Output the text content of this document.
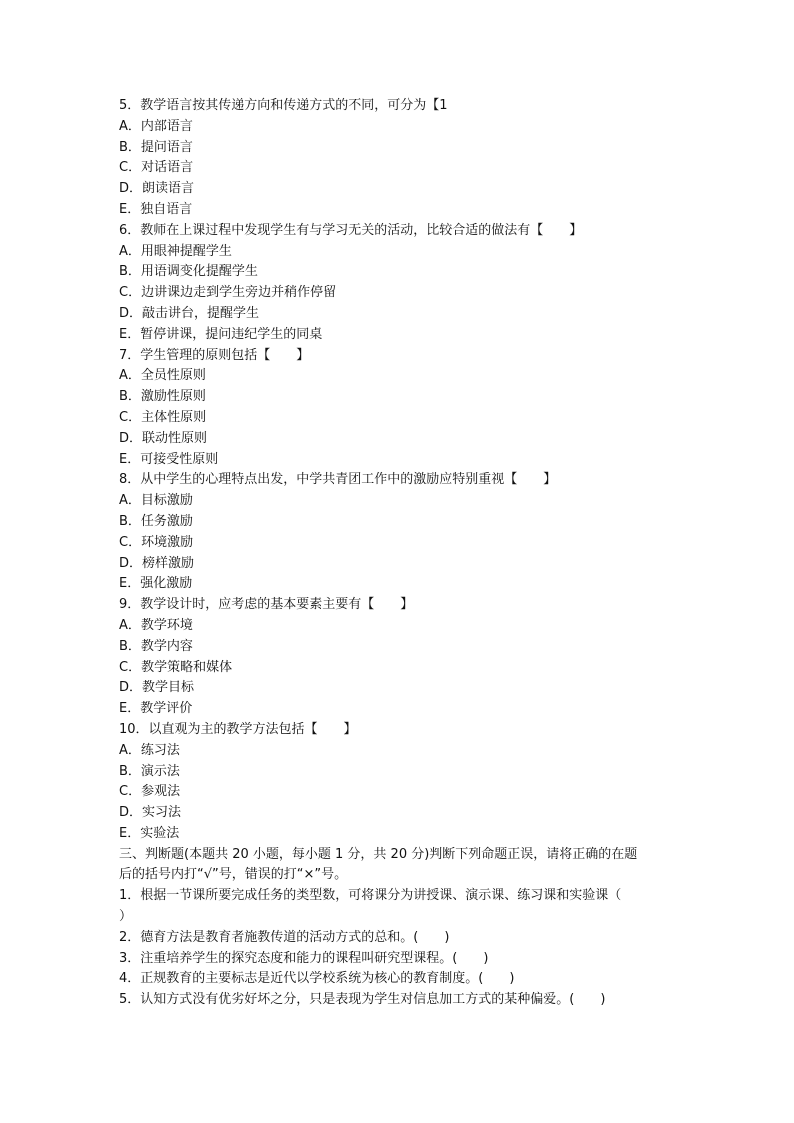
5．教学语言按其传递方向和传递方式的不同，可分为【1

A．内部语言

B．提问语言

C．对话语言

D．朗读语言

E．独自语言

6．教师在上课过程中发现学生有与学习无关的活动，比较合适的做法有【　　】

A．用眼神提醒学生

B．用语调变化提醒学生

C．边讲课边走到学生旁边并稍作停留

D．敲击讲台，提醒学生

E．暂停讲课，提问违纪学生的同桌

7．学生管理的原则包括【　　】

A．全员性原则

B．激励性原则

C．主体性原则

D．联动性原则

E．可接受性原则

8．从中学生的心理特点出发，中学共青团工作中的激励应特别重视【　　】

A．目标激励

B．任务激励

C．环境激励

D．榜样激励

E．强化激励

9．教学设计时，应考虑的基本要素主要有【　　】

A．教学环境

B．教学内容

C．教学策略和媒体

D．教学目标

E．教学评价

10．以直观为主的教学方法包括【　　】

A．练习法

B．演示法

C．参观法

D．实习法

E．实验法

三、判断题(本题共 20 小题，每小题 1 分，共 20 分)判断下列命题正误，请将正确的在题

后的括号内打“√”号，错误的打“×”号。

1．根据一节课所要完成任务的类型数，可将课分为讲授课、演示课、练习课和实验课（

）

2．德育方法是教育者施教传道的活动方式的总和。(　　)

3．注重培养学生的探究态度和能力的课程叫研究型课程。(　　)

4．正规教育的主要标志是近代以学校系统为核心的教育制度。(　　)

5．认知方式没有优劣好坏之分，只是表现为学生对信息加工方式的某种偏爱。(　　)
